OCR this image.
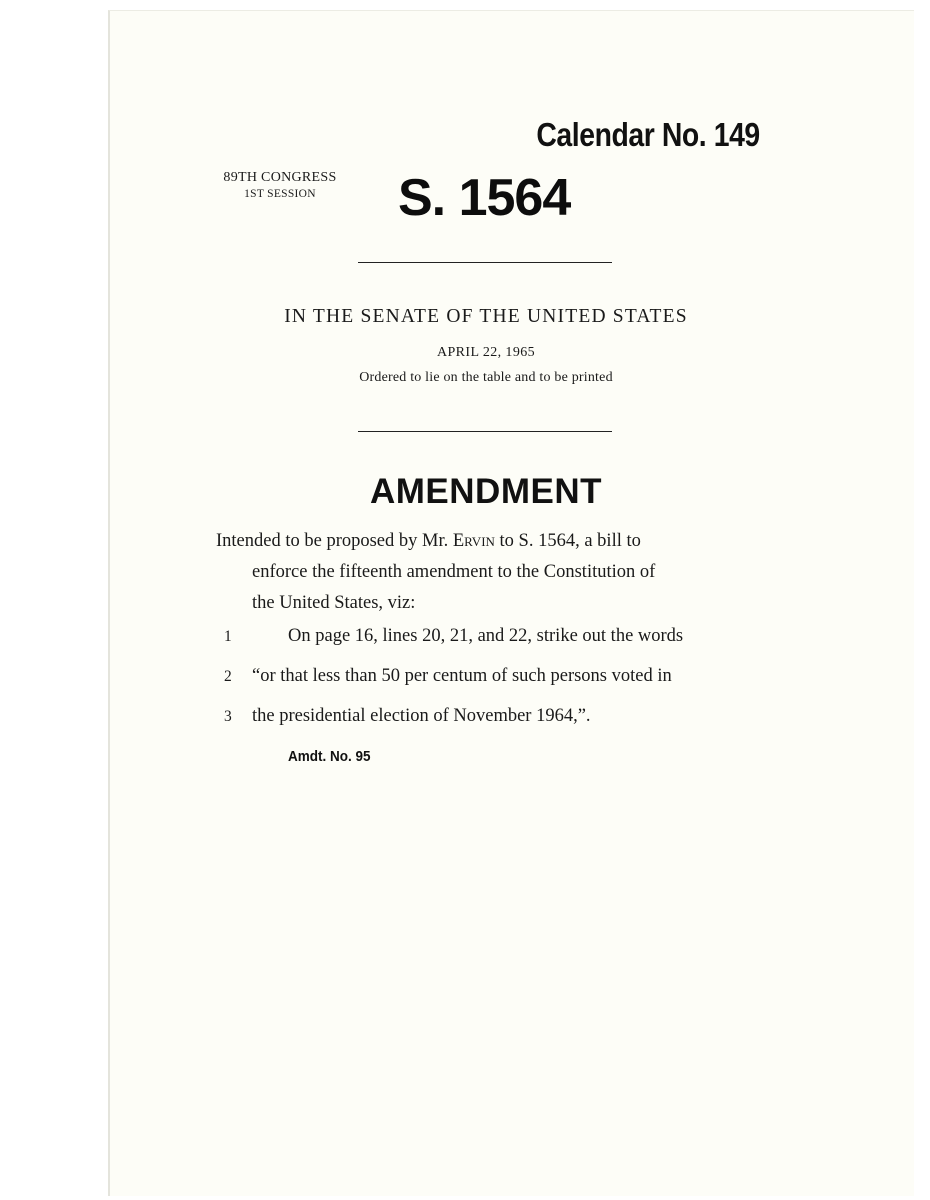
Calendar No. 149
89TH CONGRESS
1ST SESSION	S. 1564
IN THE SENATE OF THE UNITED STATES
APRIL 22, 1965
Ordered to lie on the table and to be printed
AMENDMENT
Intended to be proposed by Mr. Ervin to S. 1564, a bill to
enforce the fifteenth amendment to the Constitution of
the United States, viz:
1	On page 16, lines 20, 21, and 22, strike out the words
2 “or that less than 50 per centum of such persons voted in
3 the presidential election of November 1964,”.
Amdt. No. 95
